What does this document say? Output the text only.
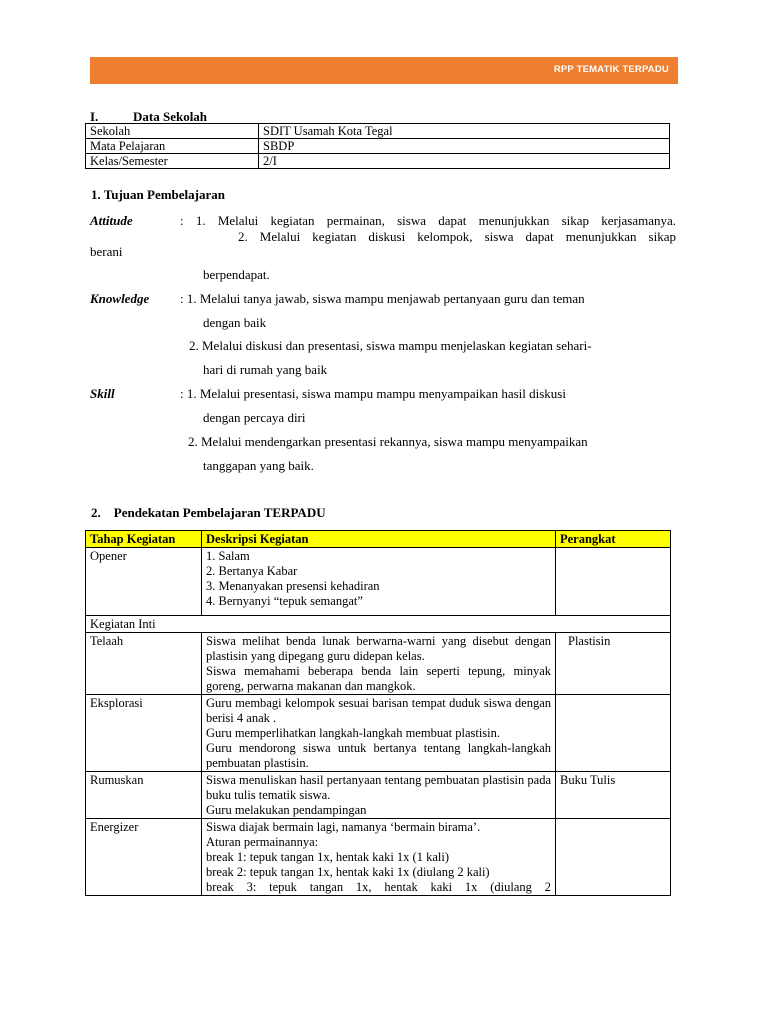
RPP TEMATIK TERPADU
I.	Data Sekolah
Sekolah	SDIT Usamah Kota Tegal
Mata Pelajaran	SBDP
Kelas/Semester	2/I
1. Tujuan Pembelajaran
Attitude	: 1. Melalui kegiatan permainan, siswa dapat menunjukkan sikap kerjasamanya.
2. Melalui kegiatan diskusi kelompok, siswa dapat menunjukkan sikap
berani
berpendapat.
Knowledge : 1. Melalui tanya jawab, siswa mampu menjawab pertanyaan guru dan teman
dengan baik
2. Melalui diskusi dan presentasi, siswa mampu menjelaskan kegiatan sehari-
hari di rumah yang baik
Skill	: 1. Melalui presentasi, siswa mampu mampu menyampaikan hasil diskusi
dengan percaya diri
2. Melalui mendengarkan presentasi rekannya, siswa mampu menyampaikan
tanggapan yang baik.
2.    Pendekatan Pembelajaran TERPADU
Tahap Kegiatan	Deskripsi Kegiatan	Perangkat
Opener	1. Salam
2. Bertanya Kabar
3. Menanyakan presensi kehadiran
4. Bernyanyi “tepuk semangat”	

Kegiatan Inti		
Telaah	Siswa melihat benda lunak berwarna-warni yang disebut dengan plastisin yang dipegang guru didepan kelas.
Siswa memahami beberapa benda lain seperti tepung, minyak goreng, perwarna makanan dan mangkok.	Plastisin
Eksplorasi	Guru membagi kelompok sesuai barisan tempat duduk siswa dengan berisi 4 anak .
Guru memperlihatkan langkah-langkah membuat plastisin.
Guru mendorong siswa untuk bertanya tentang langkah-langkah pembuatan plastisin.	

Rumuskan	Siswa menuliskan hasil pertanyaan tentang pembuatan plastisin pada buku tulis tematik siswa.
Guru melakukan pendampingan	Buku Tulis
Energizer	Siswa diajak bermain lagi, namanya ‘bermain birama’.
Aturan permainannya:
break 1: tepuk tangan 1x, hentak kaki 1x (1 kali)
break 2: tepuk tangan 1x, hentak kaki 1x (diulang 2 kali)
break 3: tepuk tangan 1x, hentak kaki 1x (diulang 2	
